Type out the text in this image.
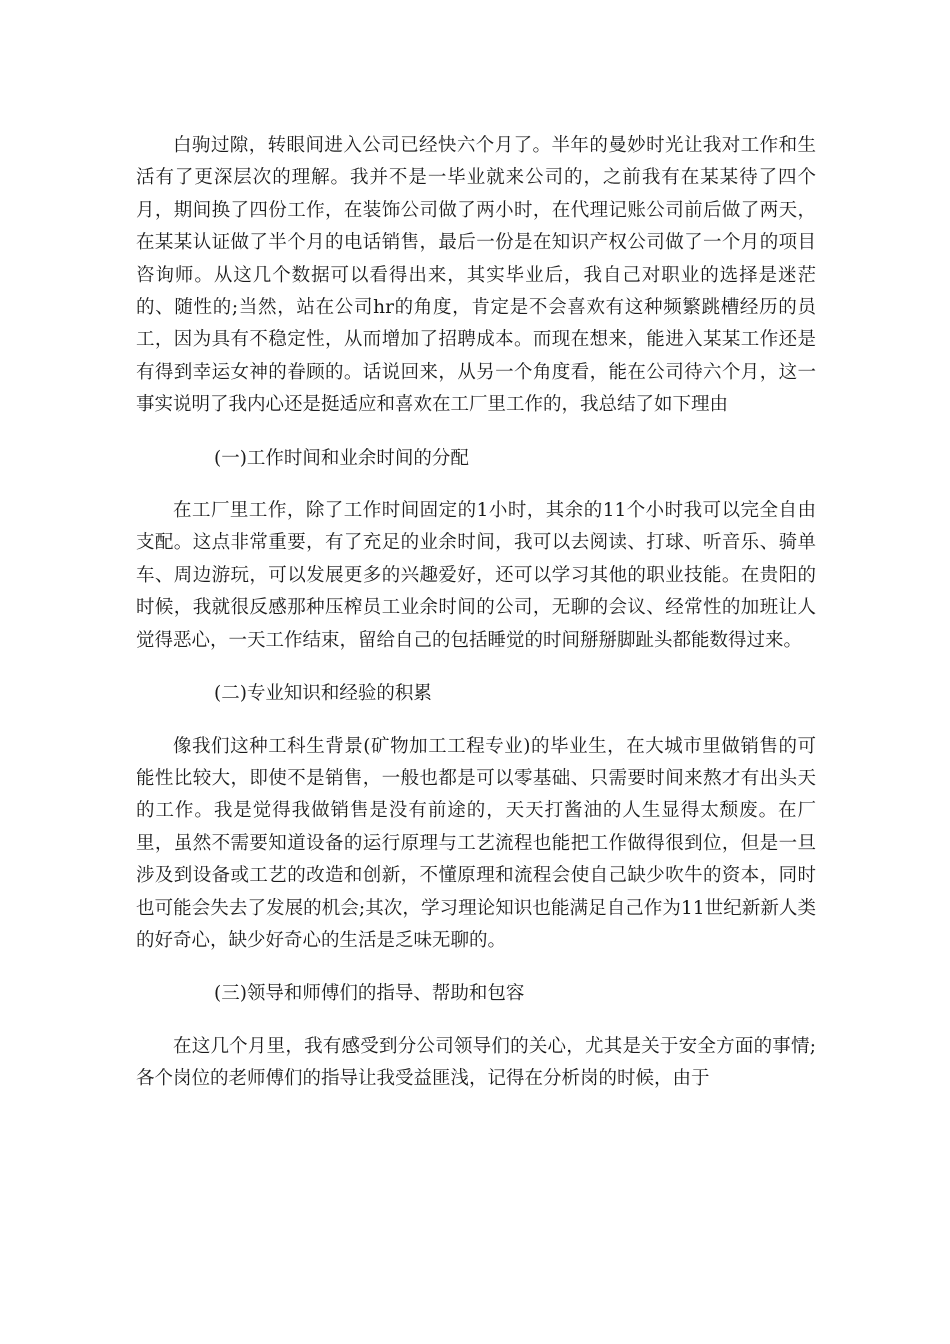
白驹过隙，转眼间进入公司已经快六个月了。半年的曼妙时光让我对工作和生活有了更深层次的理解。我并不是一毕业就来公司的，之前我有在某某待了四个月，期间换了四份工作，在装饰公司做了两小时，在代理记账公司前后做了两天，在某某认证做了半个月的电话销售，最后一份是在知识产权公司做了一个月的项目咨询师。从这几个数据可以看得出来，其实毕业后，我自己对职业的选择是迷茫的、随性的;当然，站在公司hr的角度，肯定是不会喜欢有这种频繁跳槽经历的员工，因为具有不稳定性，从而增加了招聘成本。而现在想来，能进入某某工作还是有得到幸运女神的眷顾的。话说回来，从另一个角度看，能在公司待六个月，这一事实说明了我内心还是挺适应和喜欢在工厂里工作的，我总结了如下理由

(一)工作时间和业余时间的分配

在工厂里工作，除了工作时间固定的1小时，其余的11个小时我可以完全自由支配。这点非常重要，有了充足的业余时间，我可以去阅读、打球、听音乐、骑单车、周边游玩，可以发展更多的兴趣爱好，还可以学习其他的职业技能。在贵阳的时候，我就很反感那种压榨员工业余时间的公司，无聊的会议、经常性的加班让人觉得恶心，一天工作结束，留给自己的包括睡觉的时间掰掰脚趾头都能数得过来。

(二)专业知识和经验的积累

像我们这种工科生背景(矿物加工工程专业)的毕业生，在大城市里做销售的可能性比较大，即使不是销售，一般也都是可以零基础、只需要时间来熬才有出头天的工作。我是觉得我做销售是没有前途的，天天打酱油的人生显得太颓废。在厂里，虽然不需要知道设备的运行原理与工艺流程也能把工作做得很到位，但是一旦涉及到设备或工艺的改造和创新，不懂原理和流程会使自己缺少吹牛的资本，同时也可能会失去了发展的机会;其次，学习理论知识也能满足自己作为11世纪新新人类的好奇心，缺少好奇心的生活是乏味无聊的。

(三)领导和师傅们的指导、帮助和包容

在这几个月里，我有感受到分公司领导们的关心，尤其是关于安全方面的事情;各个岗位的老师傅们的指导让我受益匪浅，记得在分析岗的时候，由于
